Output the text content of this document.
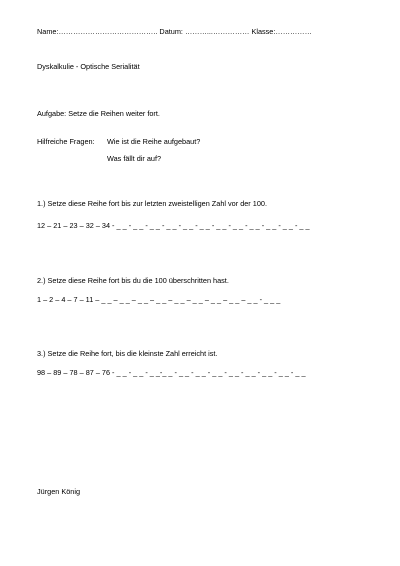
Name:………………………………….. Datum: ………...…………… Klasse:……………
Dyskalkulie - Optische Serialität
Aufgabe: Setze die Reihen weiter fort.
Hilfreiche Fragen: Wie ist die Reihe aufgebaut?
Was fällt dir auf?
1.) Setze diese Reihe fort bis zur letzten zweistelligen Zahl vor der 100.
12 – 21 – 23 – 32 – 34 - _ _ - _ _ - _ _ - _ _ - _ _ - _ _ - _ _ - _ _ - _ _ - _ _ - _ _ - _ _
2.) Setze diese Reihe fort bis du die 100 überschritten hast.
1 – 2 – 4 – 7 – 11 – _ _ – _ _ – _ _ – _ _ – _ _ – _ _ – _ _ – _ _ – _ _ - _ _ _
3.) Setze die Reihe fort, bis die kleinste Zahl erreicht ist.
98 – 89 – 78 – 87 – 76 - _ _ - _ _ - _ _-_ _ - _ _ - _ _ - _ _ - _ _ - _ _ - _ _ - _ _ - _ _
Jürgen König
